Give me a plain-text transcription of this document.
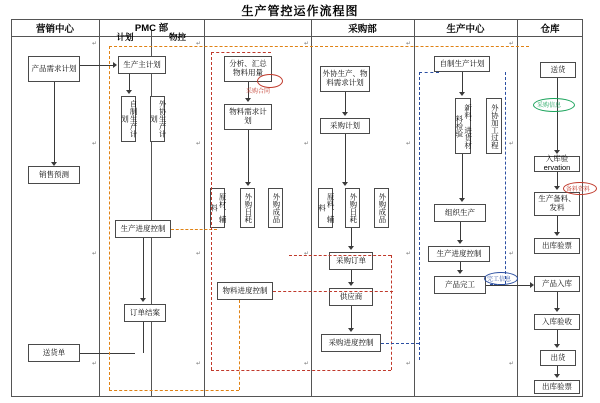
生产管控运作流程图
营销中心	PMC 部
计划	物控
采购部	生产中心	仓库
产品需求计划
销售预测
送货单
生产主计划
自制生产计划	外协生产计划
生产进度控制
订单结案
分析、汇总物料用量
物料需求计划
原材、辅料	外购日耗	外购成品
物料进度控制
外协生产、物料需求计划
采购计划
原料、辅料	外购日耗	外购成品
采购订单
供应商
采购进度控制
自制生产计划
新料、进货材料检验	外协加工过程
组织生产
生产进度控制
产品完工
送货
入库验ervation
生产备料、发料
出库验票
产品入库
入库验收
出货
出库验票
采购信息
备料资料
完工信息
采购合同
↵	↵	↵	↵	↵
↵	↵	↵	↵	↵
↵	↵	↵	↵	↵
↵	↵	↵	↵	↵
